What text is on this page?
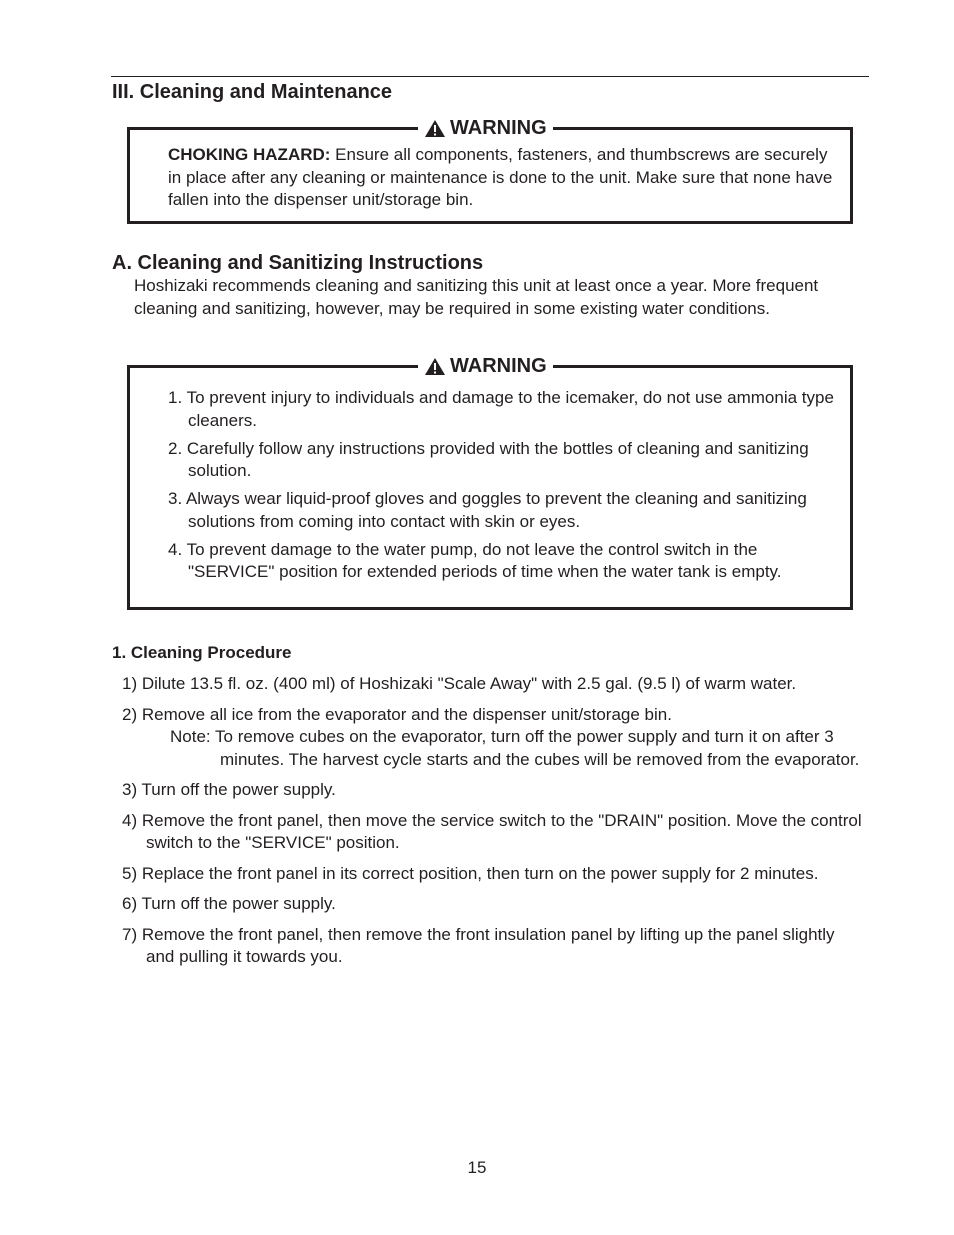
III. Cleaning and Maintenance
WARNING

CHOKING HAZARD: Ensure all components, fasteners, and thumbscrews are securely in place after any cleaning or maintenance is done to the unit. Make sure that none have fallen into the dispenser unit/storage bin.

A. Cleaning and Sanitizing Instructions

Hoshizaki recommends cleaning and sanitizing this unit at least once a year. More frequent cleaning and sanitizing, however, may be required in some existing water conditions.

WARNING
1. To prevent injury to individuals and damage to the icemaker, do not use ammonia type cleaners.
2. Carefully follow any instructions provided with the bottles of cleaning and sanitizing solution.
3. Always wear liquid-proof gloves and goggles to prevent the cleaning and sanitizing solutions from coming into contact with skin or eyes.
4. To prevent damage to the water pump, do not leave the control switch in the "SERVICE" position for extended periods of time when the water tank is empty.
1. Cleaning Procedure
1) Dilute 13.5 fl. oz. (400 ml) of Hoshizaki "Scale Away" with 2.5 gal. (9.5 l) of warm water.
2) Remove all ice from the evaporator and the dispenser unit/storage bin.
Note: To remove cubes on the evaporator, turn off the power supply and turn it on after 3 minutes. The harvest cycle starts and the cubes will be removed from the evaporator.
3) Turn off the power supply.
4) Remove the front panel, then move the service switch to the "DRAIN" position. Move the control switch to the "SERVICE" position.
5) Replace the front panel in its correct position, then turn on the power supply for 2 minutes.
6) Turn off the power supply.
7) Remove the front panel, then remove the front insulation panel by lifting up the panel slightly and pulling it towards you.
15
